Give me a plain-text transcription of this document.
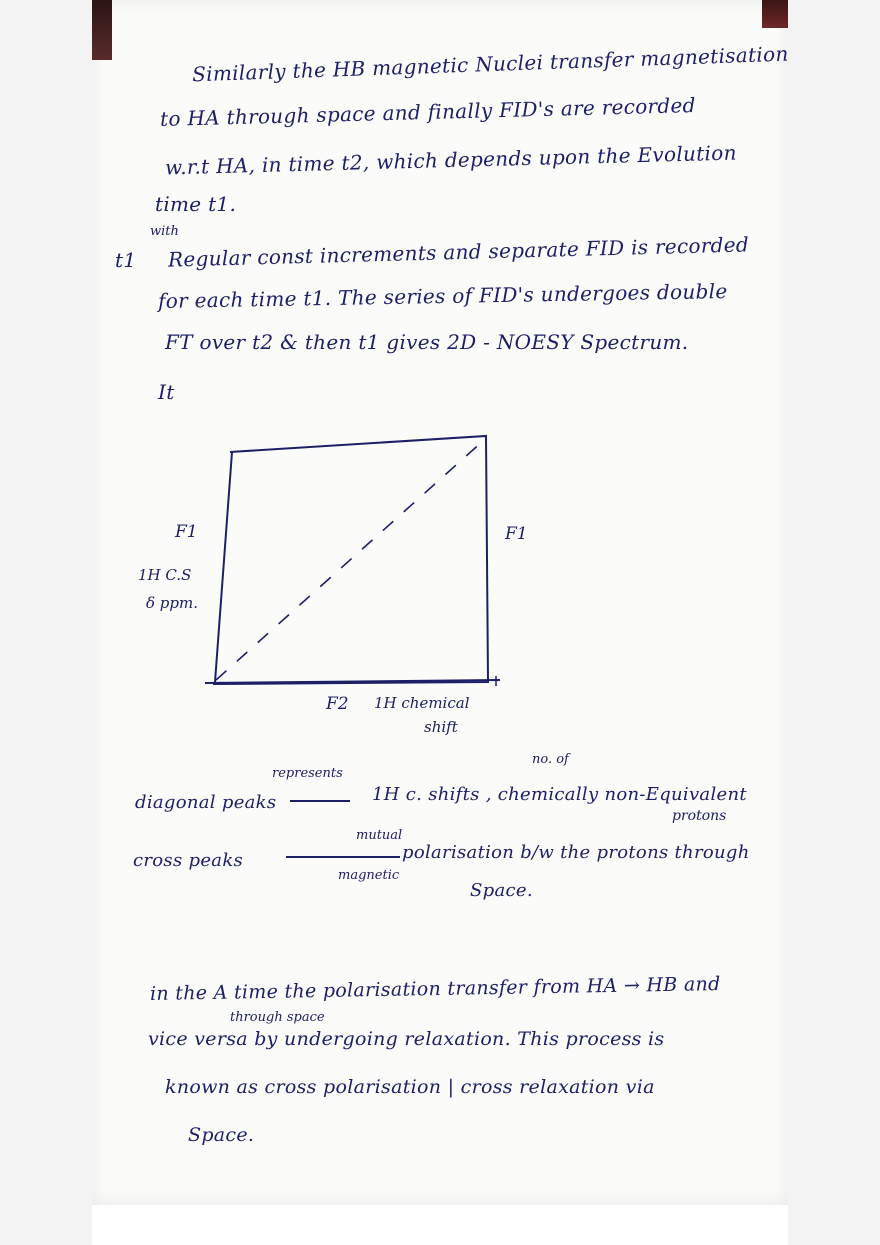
Similarly the HB magnetic Nuclei transfer magnetisation
to HA through space and finally FID's are recorded
w.r.t HA, in time t2, which depends upon the Evolution
time t1.
with
t1 Regular const increments and separate FID is recorded
for each time t1. The series of FID's undergoes double
FT over t2 & then t1 gives 2D - NOESY Spectrum.
It
F1
1H C.S
δ ppm.
F1
F2 1H chemical
shift
represents
no. of
diagonal peaks	1H c. shifts , chemically non-Equivalent
protons
mutual
magnetic
cross peaks	polarisation b/w the protons through
Space.
in the A time the polarisation transfer from HA → HB and
through space
vice versa by undergoing relaxation. This process is
known as cross polarisation | cross relaxation via
Space.
